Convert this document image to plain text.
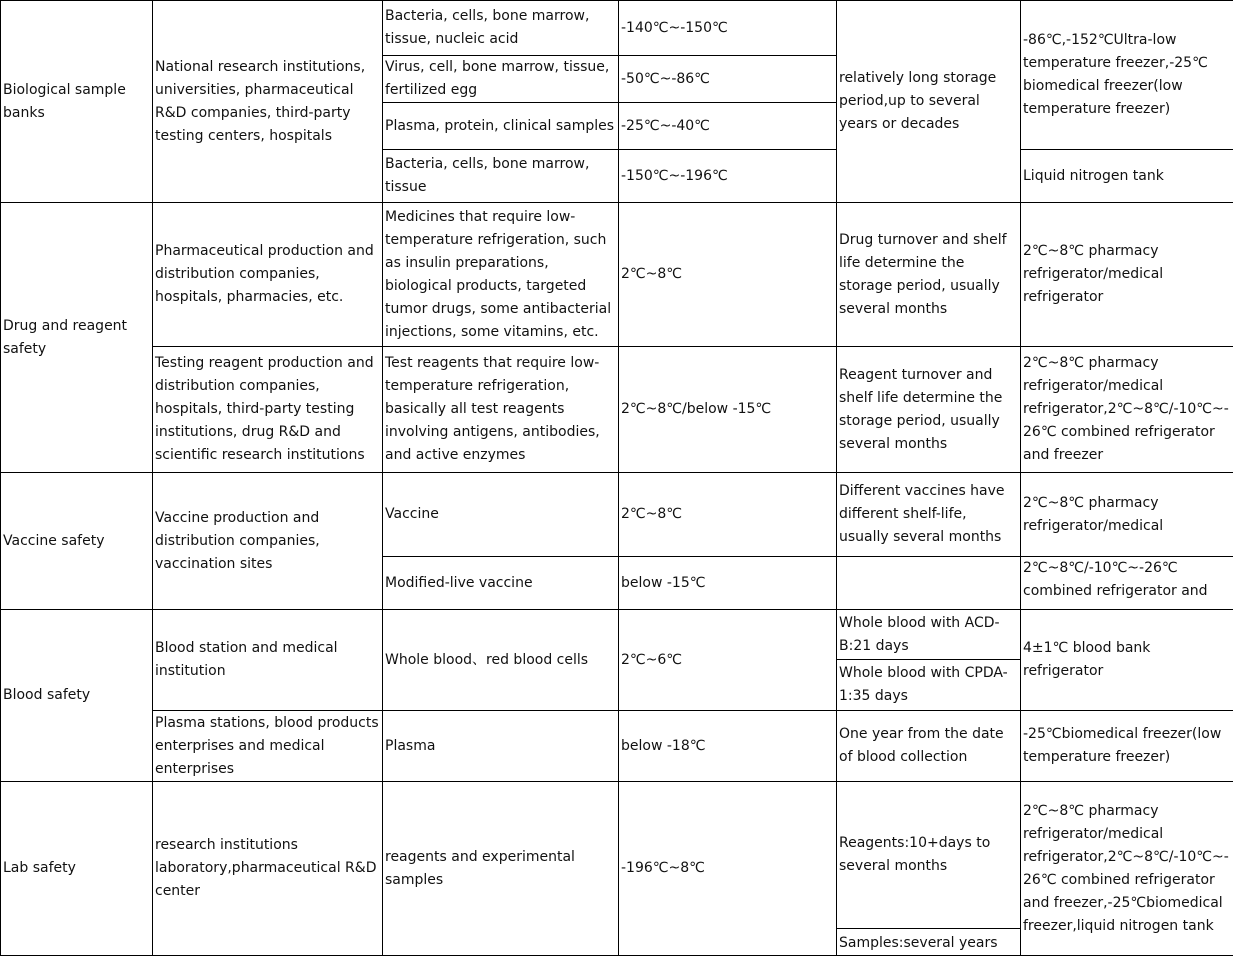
Biological sample banks	National research institutions, universities, pharmaceutical R&D companies, third-party testing centers, hospitals	Bacteria, cells, bone marrow, tissue, nucleic acid	-140℃~-150℃	relatively long storage period,up to several years or decades	-86℃,-152℃Ultra-low temperature freezer,-25℃ biomedical freezer(low temperature freezer)
		Virus, cell, bone marrow, tissue, fertilized egg	-50℃~-86℃		
		Plasma, protein, clinical samples	-25℃~-40℃		
		Bacteria, cells, bone marrow, tissue	-150℃~-196℃		Liquid nitrogen tank
Drug and reagent safety	Pharmaceutical production and distribution companies, hospitals, pharmacies, etc.	Medicines that require low-temperature refrigeration, such as insulin preparations, biological products, targeted tumor drugs, some antibacterial injections, some vitamins, etc.	2℃~8℃	Drug turnover and shelf life determine the storage period, usually several months	2℃~8℃ pharmacy refrigerator/medical refrigerator
	Testing reagent production and distribution companies, hospitals, third-party testing institutions, drug R&D and scientific research institutions	Test reagents that require low-temperature refrigeration, basically all test reagents involving antigens, antibodies, and active enzymes	2℃~8℃/below -15℃	Reagent turnover and shelf life determine the storage period, usually several months	2℃~8℃ pharmacy refrigerator/medical refrigerator,2℃~8℃/-10℃~-26℃ combined refrigerator and freezer
Vaccine safety	Vaccine production and distribution companies, vaccination sites	Vaccine	2℃~8℃	Different vaccines have different shelf-life, usually several months	2℃~8℃ pharmacy refrigerator/medical
		Modified-live vaccine	below -15℃		2℃~8℃/-10℃~-26℃ combined refrigerator and
Blood safety	Blood station and medical institution	Whole blood、red blood cells	2℃~6℃	Whole blood with ACD-B:21 days	4±1℃ blood bank refrigerator
				Whole blood with CPDA-1:35 days	
	Plasma stations, blood products enterprises and medical enterprises	Plasma	below -18℃	One year from the date of blood collection	-25℃biomedical freezer(low temperature freezer)
Lab safety	research institutions laboratory,pharmaceutical R&D center	reagents and experimental samples	-196℃~8℃	Reagents:10+days to several months	2℃~8℃ pharmacy refrigerator/medical refrigerator,2℃~8℃/-10℃~-26℃ combined refrigerator and freezer,-25℃biomedical freezer,liquid nitrogen tank
				Samples:several years	
